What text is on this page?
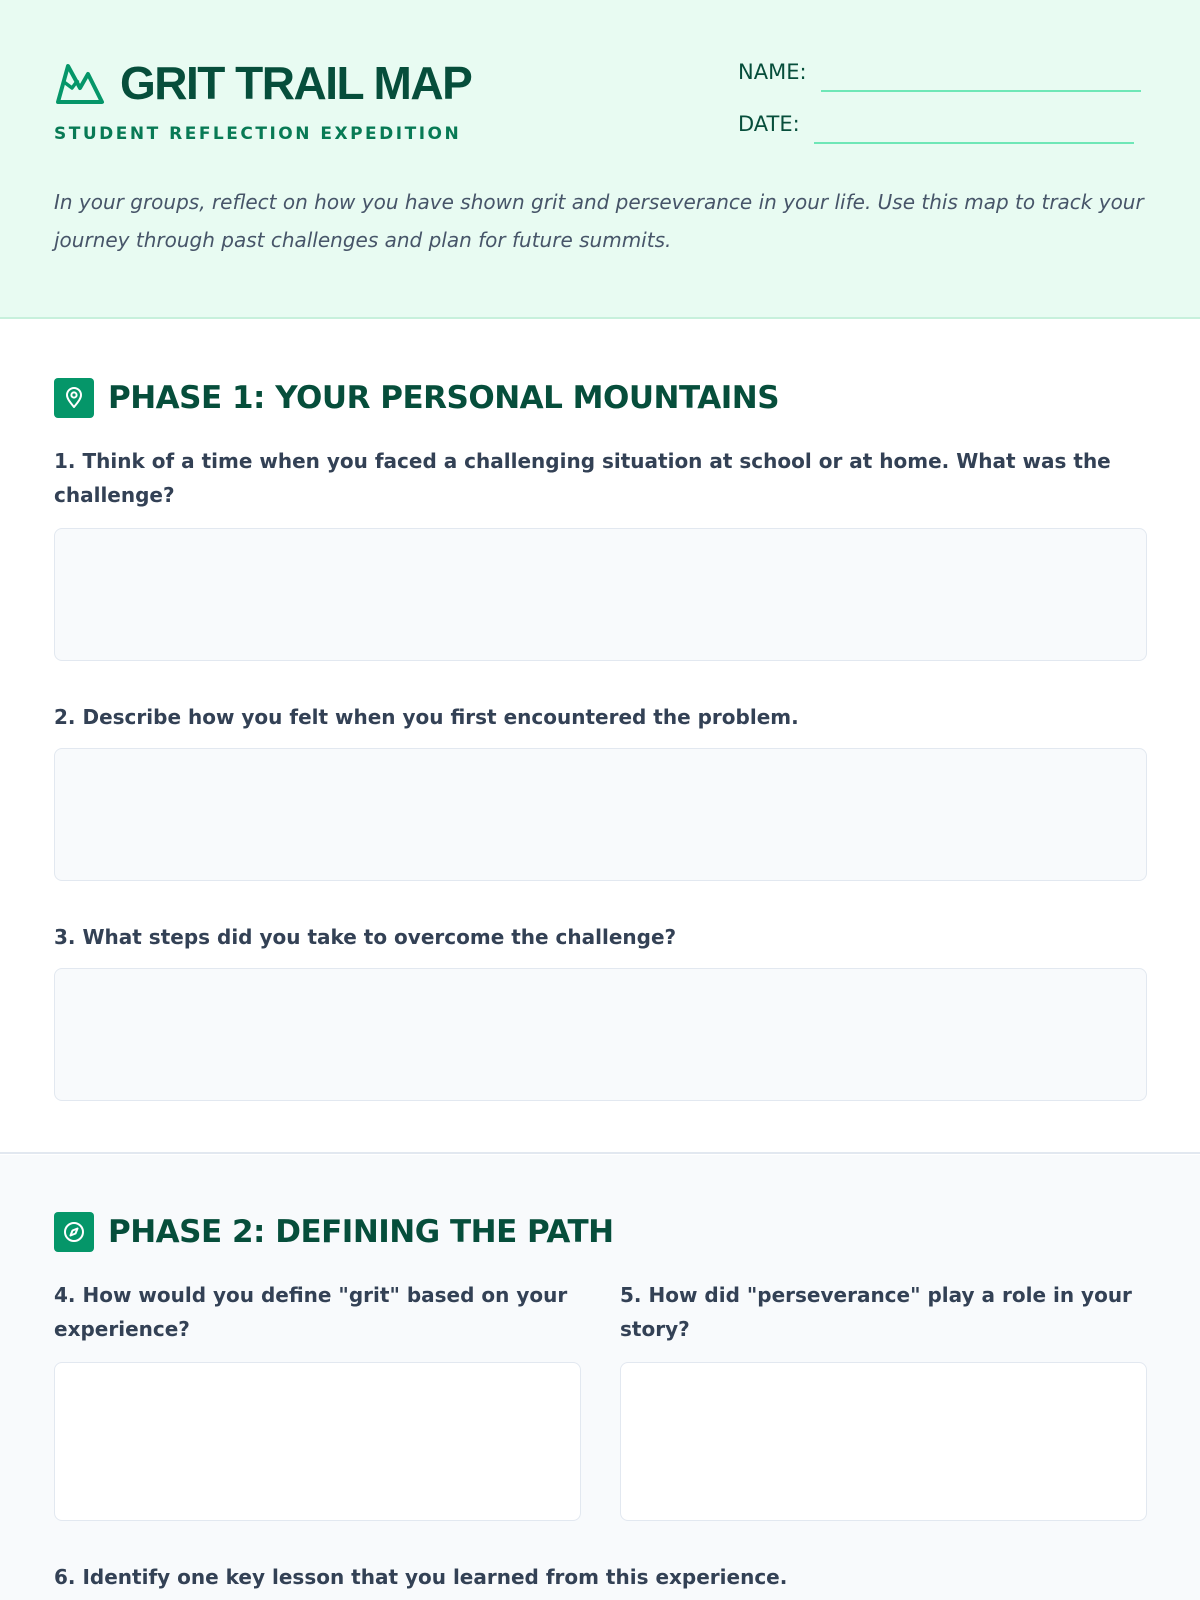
GRIT TRAIL MAP
STUDENT REFLECTION EXPEDITION
NAME:
DATE:
In your groups, reflect on how you have shown grit and perseverance in your life. Use this map to track your journey through past challenges and plan for future summits.
PHASE 1: YOUR PERSONAL MOUNTAINS
1. Think of a time when you faced a challenging situation at school or at home. What was the challenge?
2. Describe how you felt when you first encountered the problem.
3. What steps did you take to overcome the challenge?
PHASE 2: DEFINING THE PATH
4. How would you define "grit" based on your experience?
5. How did "perseverance" play a role in your story?
6. Identify one key lesson that you learned from this experience.
